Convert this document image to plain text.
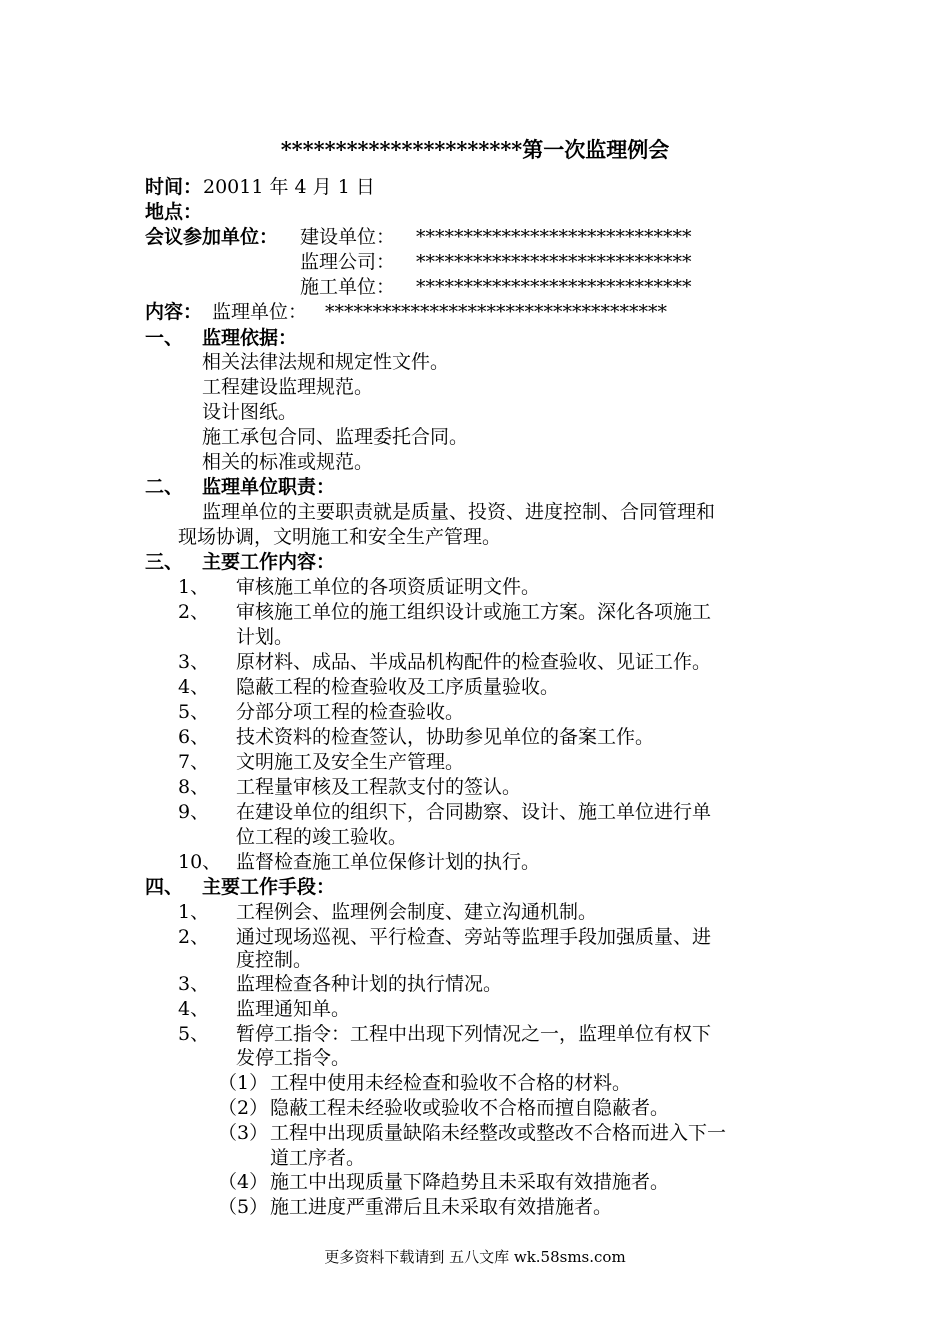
**********************第一次监理例会
时间： 20011 年 4 月 1 日
地点：
会议参加单位： 建设单位： *****************************
监理公司： *****************************
施工单位： *****************************
内容： 监理单位： ************************************
一、 监理依据：
相关法律法规和规定性文件。
工程建设监理规范。
设计图纸。
施工承包合同、监理委托合同。
相关的标准或规范。
二、 监理单位职责：
监理单位的主要职责就是质量、投资、进度控制、合同管理和
现场协调，文明施工和安全生产管理。
三、 主要工作内容：
1、 审核施工单位的各项资质证明文件。
2、 审核施工单位的施工组织设计或施工方案。深化各项施工
计划。
3、 原材料、成品、半成品机构配件的检查验收、见证工作。
4、 隐蔽工程的检查验收及工序质量验收。
5、 分部分项工程的检查验收。
6、 技术资料的检查签认，协助参见单位的备案工作。
7、 文明施工及安全生产管理。
8、 工程量审核及工程款支付的签认。
9、 在建设单位的组织下，合同勘察、设计、施工单位进行单
位工程的竣工验收。
10、 监督检查施工单位保修计划的执行。
四、 主要工作手段：
1、 工程例会、监理例会制度、建立沟通机制。
2、 通过现场巡视、平行检查、旁站等监理手段加强质量、进
度控制。
3、 监理检查各种计划的执行情况。
4、 监理通知单。
5、 暂停工指令：工程中出现下列情况之一，监理单位有权下
发停工指令。
（1） 工程中使用未经检查和验收不合格的材料。
（2） 隐蔽工程未经验收或验收不合格而擅自隐蔽者。
（3） 工程中出现质量缺陷未经整改或整改不合格而进入下一
道工序者。
（4） 施工中出现质量下降趋势且未采取有效措施者。
（5） 施工进度严重滞后且未采取有效措施者。
更多资料下载请到 五八文库 wk.58sms.com
